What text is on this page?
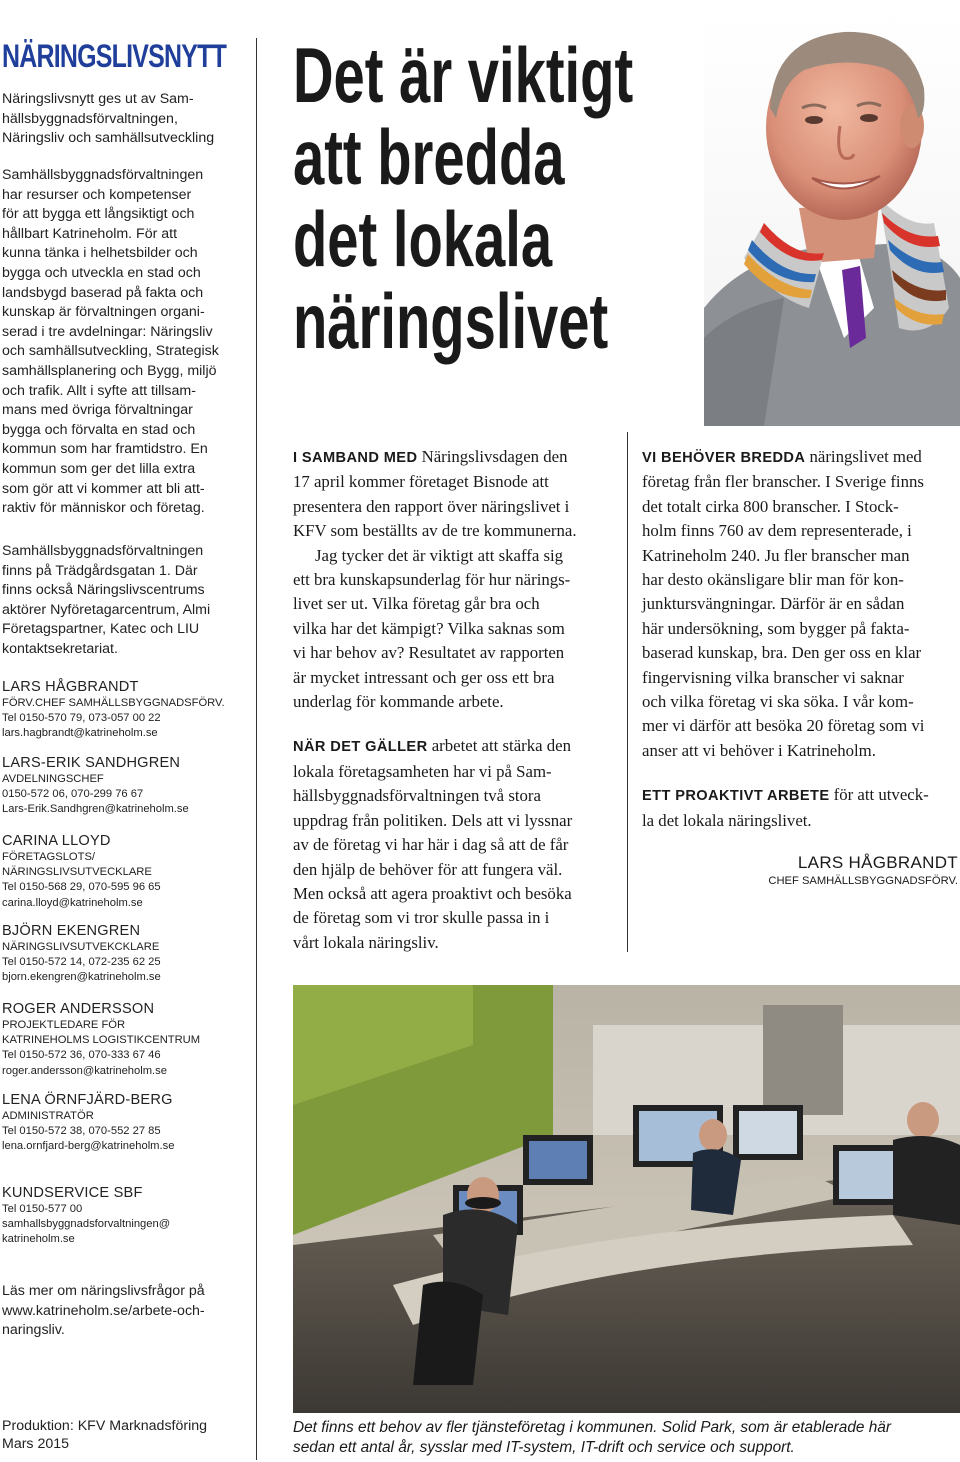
NÄRINGSLIVSNYTT
Näringslivsnytt ges ut av Sam-
hällsbyggnadsförvaltningen,
Näringsliv och samhällsutveckling
Samhällsbyggnadsförvaltningen
har resurser och kompetenser
för att bygga ett långsiktigt och
hållbart Katrineholm. För att
kunna tänka i helhetsbilder och
bygga och utveckla en stad och
landsbygd baserad på fakta och
kunskap är förvaltningen organi-
serad i tre avdelningar: Näringsliv
och samhällsutveckling, Strategisk
samhällsplanering och Bygg, miljö
och trafik. Allt i syfte att tillsam-
mans med övriga förvaltningar
bygga och förvalta en stad och
kommun som har framtidstro. En
kommun som ger det lilla extra
som gör att vi kommer att bli att-
raktiv för människor och företag.
Samhällsbyggnadsförvaltningen
finns på Trädgårdsgatan 1. Där
finns också Näringslivscentrums
aktörer Nyföretagarcentrum, Almi
Företagspartner, Katec och LIU
kontaktsekretariat.
LARS HÅGBRANDT
FÖRV.CHEF SAMHÄLLSBYGGNADSFÖRV.
Tel 0150-570 79, 073-057 00 22
lars.hagbrandt@katrineholm.se
LARS-ERIK SANDHGREN
AVDELNINGSCHEF
0150-572 06, 070-299 76 67
Lars-Erik.Sandhgren@katrineholm.se
CARINA LLOYD
FÖRETAGSLOTS/
NÄRINGSLIVSUTVECKLARE
Tel 0150-568 29, 070-595 96 65
carina.lloyd@katrineholm.se
BJÖRN EKENGREN
NÄRINGSLIVSUTVEKCKLARE
Tel 0150-572 14, 072-235 62 25
bjorn.ekengren@katrineholm.se
ROGER ANDERSSON
PROJEKTLEDARE FÖR
KATRINEHOLMS LOGISTIKCENTRUM
Tel 0150-572 36, 070-333 67 46
roger.andersson@katrineholm.se
LENA ÖRNFJÄRD-BERG
ADMINISTRATÖR
Tel 0150-572 38, 070-552 27 85
lena.ornfjard-berg@katrineholm.se
KUNDSERVICE SBF
Tel 0150-577 00
samhallsbyggnadsforvaltningen@
katrineholm.se
Läs mer om näringslivsfrågor på
www.katrineholm.se/arbete-och-
naringsliv.
Produktion: KFV Marknadsföring
Mars 2015
Det är viktigt
att bredda
det lokala
näringslivet

I SAMBAND MED Näringslivsdagen den
17 april kommer företaget Bisnode att
presentera den rapport över näringslivet i
KFV som beställts av de tre kommunerna.

Jag tycker det är viktigt att skaffa sig
ett bra kunskapsunderlag för hur närings-
livet ser ut. Vilka företag går bra och
vilka har det kämpigt? Vilka saknas som
vi har behov av? Resultatet av rapporten
är mycket intressant och ger oss ett bra
underlag för kommande arbete.

NÄR DET GÄLLER arbetet att stärka den
lokala företagsamheten har vi på Sam-
hällsbyggnadsförvaltningen två stora
uppdrag från politiken. Dels att vi lyssnar
av de företag vi har här i dag så att de får
den hjälp de behöver för att fungera väl.
Men också att agera proaktivt och besöka
de företag som vi tror skulle passa in i
vårt lokala näringsliv.

VI BEHÖVER BREDDA näringslivet med
företag från fler branscher. I Sverige finns
det totalt cirka 800 branscher. I Stock-
holm finns 760 av dem representerade, i
Katrineholm 240. Ju fler branscher man
har desto okänsligare blir man för kon-
junktursvängningar. Därför är en sådan
här undersökning, som bygger på fakta-
baserad kunskap, bra. Den ger oss en klar
fingervisning vilka branscher vi saknar
och vilka företag vi ska söka. I vår kom-
mer vi därför att besöka 20 företag som vi
anser att vi behöver i Katrineholm.

ETT PROAKTIVT ARBETE för att utveck-
la det lokala näringslivet.

LARS HÅGBRANDT
CHEF SAMHÄLLSBYGGNADSFÖRV.
Det finns ett behov av fler tjänsteföretag i kommunen. Solid Park, som är etablerade här
sedan ett antal år, sysslar med IT-system, IT-drift och service och support.
